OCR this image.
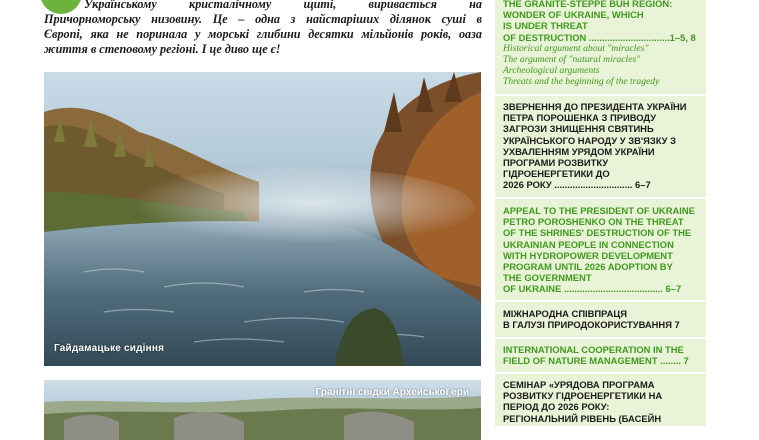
Українському кристалічному щиті, виривається на
Причорноморську низовину. Це – одна з найстаріших ділянок суші в
Європі, яка не поринала у морські глибини десятки мільйонів років, оаза
життя в степовому регіоні. І це диво ще є!

Гайдамацьке сидіння
Гранітні свідки Архейської ери
THE GRANITE-STEPPE BUH REGION:
WONDER OF UKRAINE, WHICH
IS UNDER THREAT
OF DESTRUCTION ...............................1–5, 8
Historical argument about "miracles"
The argument of "natural miracles"
Archeological arguments
Threats and the beginning of the tragedy
ЗВЕРНЕННЯ ДО ПРЕЗИДЕНТА УКРАЇНИ
ПЕТРА ПОРОШЕНКА З ПРИВОДУ
ЗАГРОЗИ ЗНИЩЕННЯ СВЯТИНЬ
УКРАЇНСЬКОГО НАРОДУ У ЗВ'ЯЗКУ З
УХВАЛЕННЯМ УРЯДОМ УКРАЇНИ
ПРОГРАМИ РОЗВИТКУ
ГІДРОЕНЕРГЕТИКИ ДО
2026 РОКУ .............................. 6–7
APPEAL TO THE PRESIDENT OF UKRAINE
PETRO POROSHENKO ON THE THREAT
OF THE SHRINES' DESTRUCTION OF THE
UKRAINIAN PEOPLE IN CONNECTION
WITH HYDROPOWER DEVELOPMENT
PROGRAM UNTIL 2026 ADOPTION BY
THE GOVERNMENT
OF UKRAINE ...................................... 6–7
МІЖНАРОДНА СПІВПРАЦЯ
В ГАЛУЗІ ПРИРОДОКОРИСТУВАННЯ 7
INTERNATIONAL COOPERATION IN THE
FIELD OF NATURE MANAGEMENT ........ 7
СЕМІНАР «УРЯДОВА ПРОГРАМА
РОЗВИТКУ ГІДРОЕНЕРГЕТИКИ НА
ПЕРІОД ДО 2026 РОКУ:
РЕГІОНАЛЬНИЙ РІВЕНЬ (БАСЕЙН
